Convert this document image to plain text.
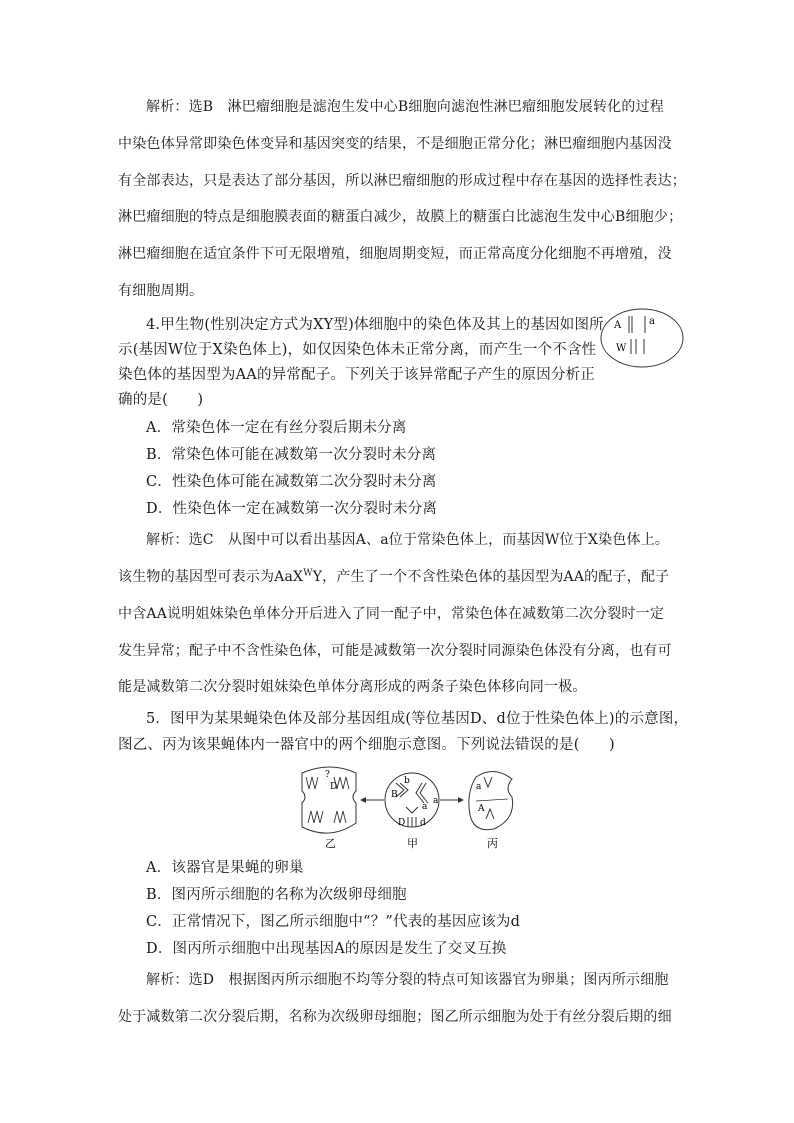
解析：选B　淋巴瘤细胞是滤泡生发中心B细胞向滤泡性淋巴瘤细胞发展转化的过程
中染色体异常即染色体变异和基因突变的结果，不是细胞正常分化；淋巴瘤细胞内基因没
有全部表达，只是表达了部分基因，所以淋巴瘤细胞的形成过程中存在基因的选择性表达；
淋巴瘤细胞的特点是细胞膜表面的糖蛋白减少，故膜上的糖蛋白比滤泡生发中心B细胞少；
淋巴瘤细胞在适宜条件下可无限增殖，细胞周期变短，而正常高度分化细胞不再增殖，没
有细胞周期。
4.甲生物(性别决定方式为XY型)体细胞中的染色体及其上的基因如图所
示(基因W位于X染色体上)，如仅因染色体未正常分离，而产生一个不含性
染色体的基因型为AA的异常配子。下列关于该异常配子产生的原因分析正
确的是(　　)
A	a
W
A．常染色体一定在有丝分裂后期未分离
B．常染色体可能在减数第一次分裂时未分离
C．性染色体可能在减数第二次分裂时未分离
D．性染色体一定在减数第一次分裂时未分离
解析：选C　从图中可以看出基因A、a位于常染色体上，而基因W位于X染色体上。
该生物的基因型可表示为AaX$^W$Y，产生了一个不含性染色体的基因型为AA的配子，配子
中含AA说明姐妹染色单体分开后进入了同一配子中，常染色体在减数第二次分裂时一定
发生异常；配子中不含性染色体，可能是减数第一次分裂时同源染色体没有分离，也有可
能是减数第二次分裂时姐妹染色单体分离形成的两条子染色体移向同一极。
5．图甲为某果蝇染色体及部分基因组成(等位基因D、d位于性染色体上)的示意图，
图乙、丙为该果蝇体内一器官中的两个细胞示意图。下列说法错误的是(　　)
?
D
乙
b
B
a
a
D d
甲
a
A
丙
A．该器官是果蝇的卵巢
B．图丙所示细胞的名称为次级卵母细胞
C．正常情况下，图乙所示细胞中“？”代表的基因应该为d
D．图丙所示细胞中出现基因A的原因是发生了交叉互换
解析：选D　根据图丙所示细胞不均等分裂的特点可知该器官为卵巢；图丙所示细胞
处于减数第二次分裂后期，名称为次级卵母细胞；图乙所示细胞为处于有丝分裂后期的细
